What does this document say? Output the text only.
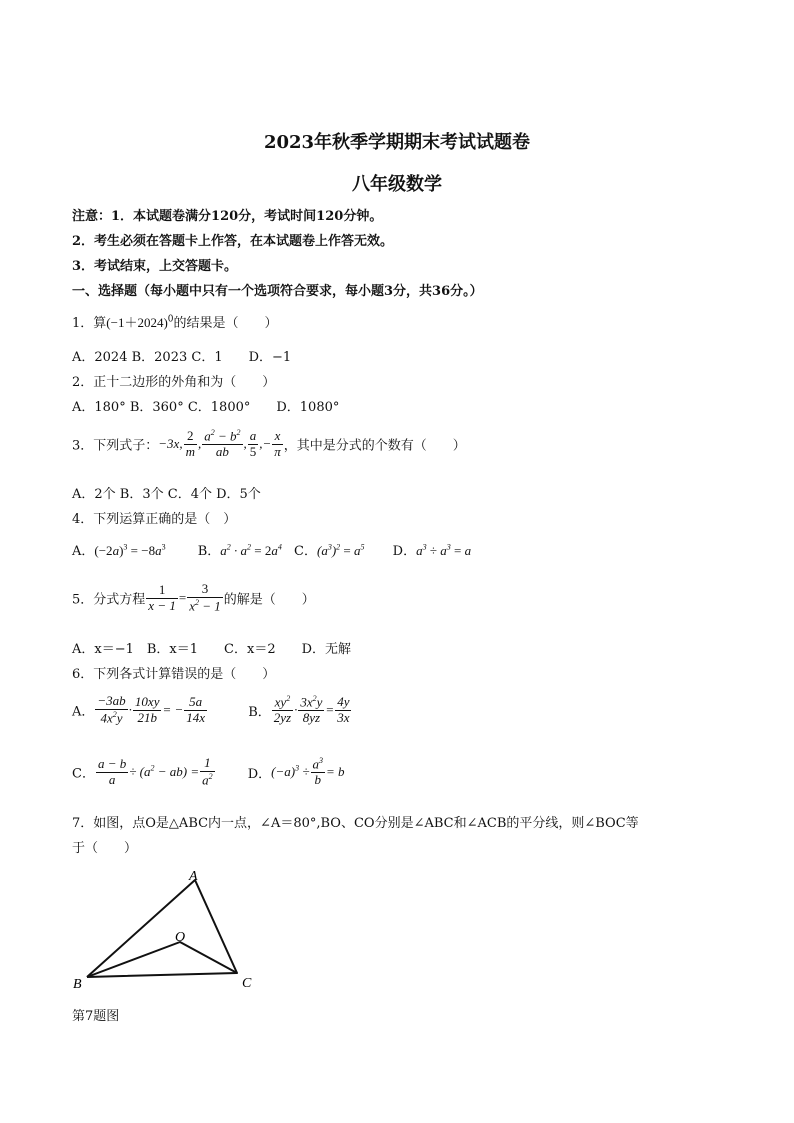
2023年秋季学期期末考试试题卷
八年级数学
注意：1．本试题卷满分120分，考试时间120分钟。
2．考生必须在答题卡上作答，在本试题卷上作答无效。
3．考试结束，上交答题卡。
一、选择题（每小题中只有一个选项符合要求，每小题3分，共36分。）
1．算$(-1+2024)^0$的结果是（　　）
A．2024 B．2023 C．1　　D．−1
2．正十二边形的外角和为（　　）
A．180° B．360° C．1800°　　D．1080°
3．下列式子：−3x, $\frac{2}{m}$ , $\frac{a^2 - b^2}{ab}$ , $\frac{a}{5}$ ,− $\frac{x}{\pi}$ ，其中是分式的个数有（　　）
A．2个 B．3个 C．4个 D．5个
4．下列运算正确的是（　）
A．$(-2a)^3 = -8a^3$ B．$a^2 \cdot a^2 = 2a^4$ C．$(a^3)^2 = a^5$ D．$a^3 \div a^3 = a$
5．分式方程 $\frac{1}{x - 1} = \frac{3}{x^2 - 1}$ 的解是（　　）
A．x＝−1　B．x＝1　　C．x＝2　　D．无解
6．下列各式计算错误的是（　　）
A． $\frac{-3ab}{4x^2y} \cdot \frac{10xy}{21b}$ = − $\frac{5a}{14x}$	B． $\frac{xy^2}{2yz} \cdot \frac{3x^2y}{8yz} = \frac{4y}{3x}$
C． $\frac{a - b}{a} \div (a^2 - ab) = \frac{1}{a^2}$	D．$(-a)^3 \div \frac{a^3}{b} = b$
7．如图，点O是△ABC内一点，∠A＝80°,BO、CO分别是∠ABC和∠ACB的平分线，则∠BOC等
于（　　）
A
B	C
O
第7题图
